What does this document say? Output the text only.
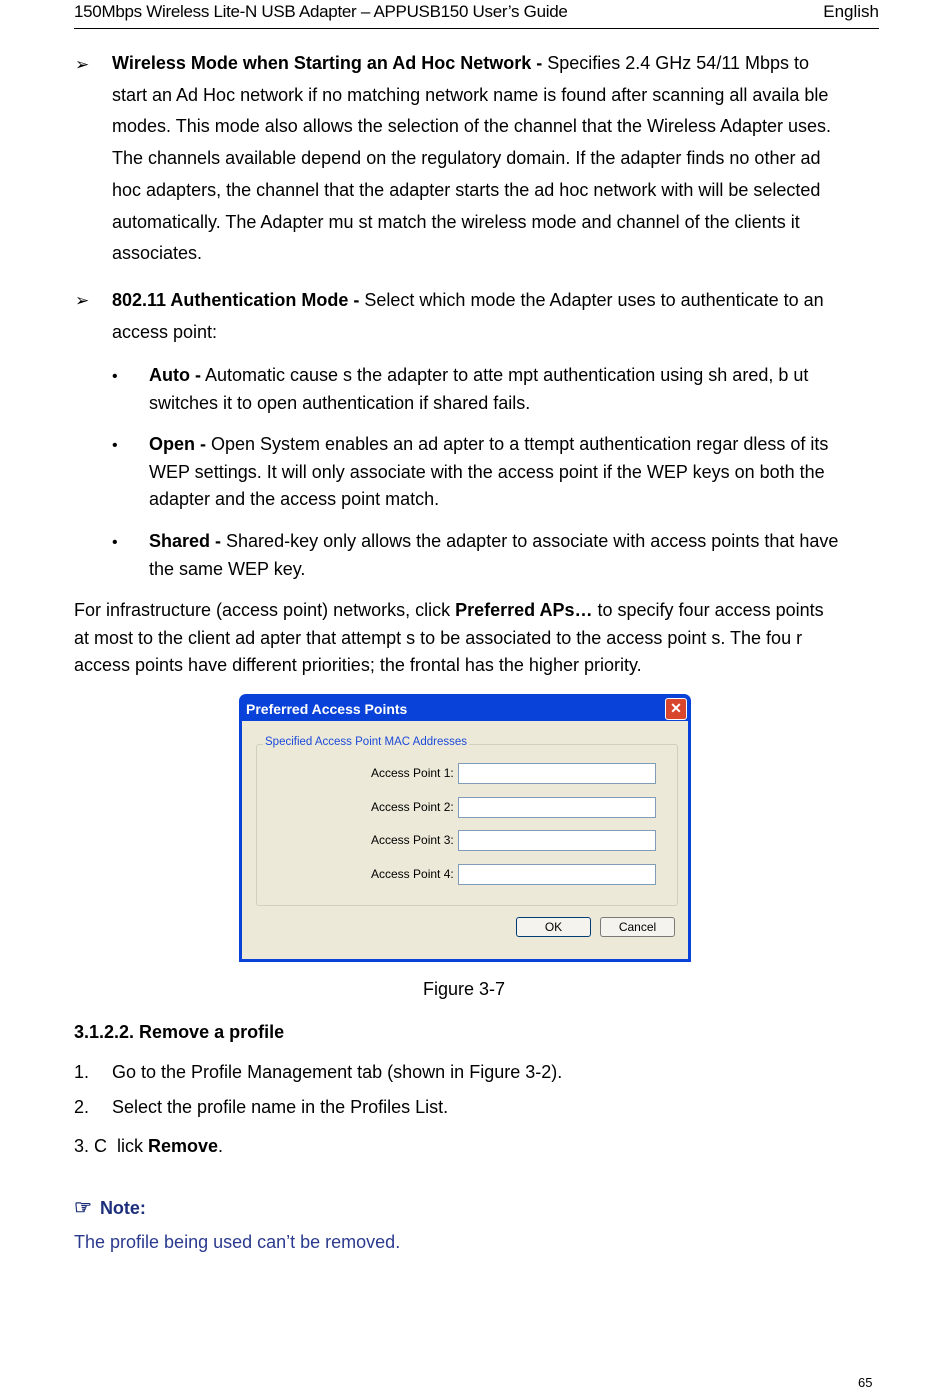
150Mbps Wireless Lite-N USB Adapter – APPUSB150 User’s Guide	English
➢ Wireless Mode when Starting an Ad Hoc Network - Specifies 2.4 GHz 54/11 Mbps to
start an Ad Hoc network if no matching network name is found after scanning all availa ble
modes. This mode also allows the selection of the channel that the Wireless Adapter uses.
The channels available depend on the regulatory domain. If the adapter finds no other ad
hoc adapters, the channel that the adapter starts the ad hoc network with will be selected
automatically. The Adapter mu st match the wireless mode and channel of the clients it
associates.
➢ 802.11 Authentication Mode - Select which mode the Adapter uses to authenticate to an
access point:
• Auto - Automatic cause s the adapter to atte mpt authentication using sh ared, b ut
switches it to open authentication if shared fails.
• Open - Open System enables an ad apter to a ttempt authentication regar dless of its
WEP settings. It will only associate with the access point if the WEP keys on both the
adapter and the access point match.
• Shared - Shared-key only allows the adapter to associate with access points that have
the same WEP key.
For infrastructure (access point) networks, click Preferred APs… to specify four access points
at most to the client ad apter that attempt s to be associated to the access point s. The fou r
access points have different priorities; the frontal has the higher priority.
Preferred Access Points	✕
Specified Access Point MAC Addresses
Access Point 1:
Access Point 2:
Access Point 3:
Access Point 4:
OK	Cancel
Figure 3-7
3.1.2.2. Remove a profile
1. Go to the Profile Management tab (shown in Figure 3-2).
2. Select the profile name in the Profiles List.
3. C  lick Remove.
☞ Note:
The profile being used can’t be removed.
65
